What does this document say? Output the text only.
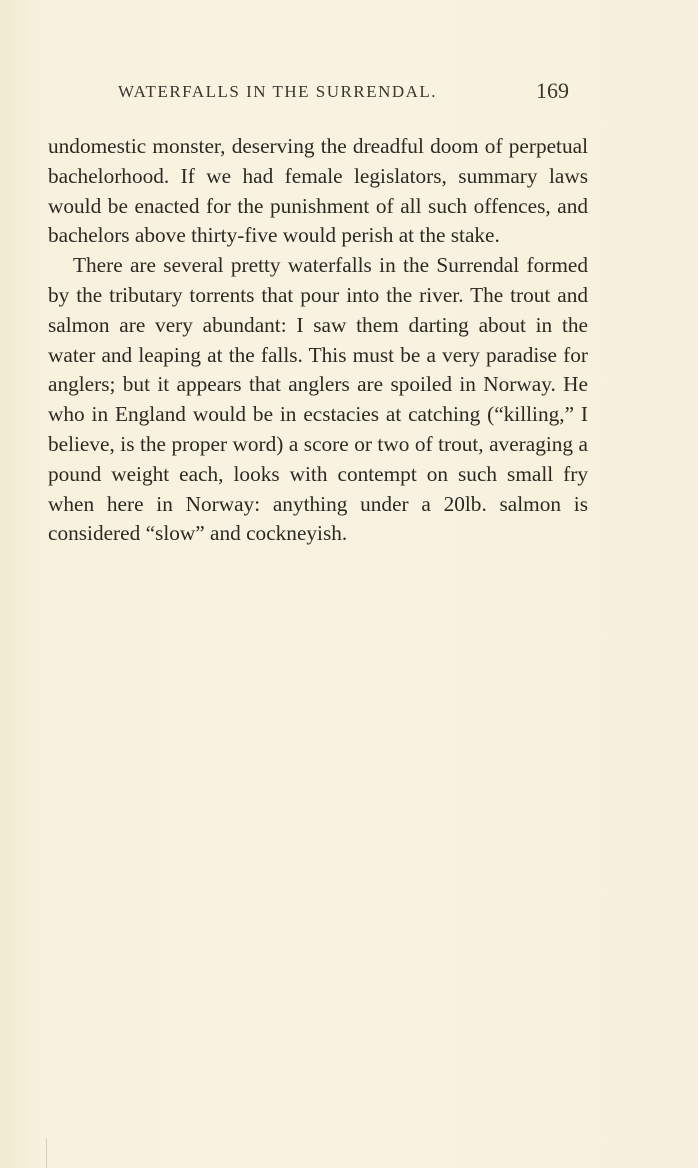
WATERFALLS IN THE SURRENDAL.	169

undomestic monster, deserving the dreadful doom of perpetual bachelorhood. If we had female legislators, summary laws would be enacted for the punishment of all such offences, and bachelors above thirty-five would perish at the stake.

There are several pretty waterfalls in the Surrendal formed by the tributary torrents that pour into the river. The trout and salmon are very abundant: I saw them darting about in the water and leaping at the falls. This must be a very paradise for anglers; but it appears that anglers are spoiled in Norway. He who in England would be in ecstacies at catching (“killing,” I believe, is the proper word) a score or two of trout, averaging a pound weight each, looks with contempt on such small fry when here in Norway: anything under a 20lb. salmon is considered “slow” and cockneyish.
